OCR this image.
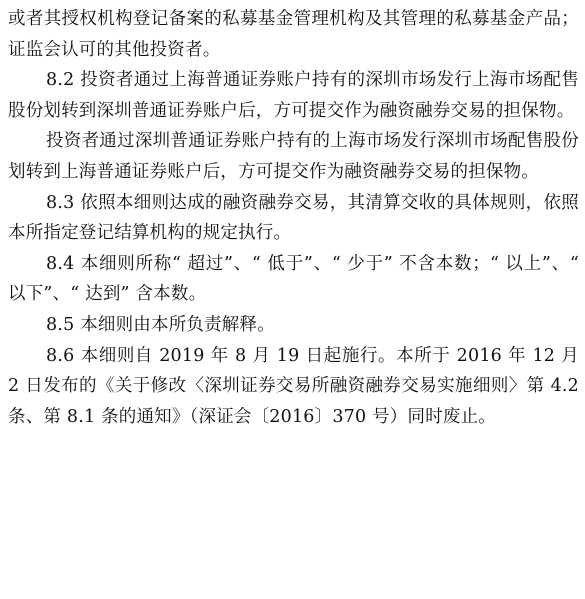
或者其授权机构登记备案的私募基金管理机构及其管理的私募基金产品；证监会认可的其他投资者。

8.2 投资者通过上海普通证券账户持有的深圳市场发行上海市场配售股份划转到深圳普通证券账户后，方可提交作为融资融券交易的担保物。

投资者通过深圳普通证券账户持有的上海市场发行深圳市场配售股份划转到上海普通证券账户后，方可提交作为融资融券交易的担保物。

8.3 依照本细则达成的融资融券交易，其清算交收的具体规则，依照本所指定登记结算机构的规定执行。

8.4 本细则所称“ 超过”、“ 低于”、“ 少于” 不含本数；“ 以上”、“ 以下”、“ 达到” 含本数。

8.5 本细则由本所负责解释。

8.6 本细则自 2019 年 8 月 19 日起施行。本所于 2016 年 12 月 2 日发布的《关于修改〈深圳证券交易所融资融券交易实施细则〉第 4.2 条、第 8.1 条的通知》（深证会〔2016〕370 号）同时废止。
